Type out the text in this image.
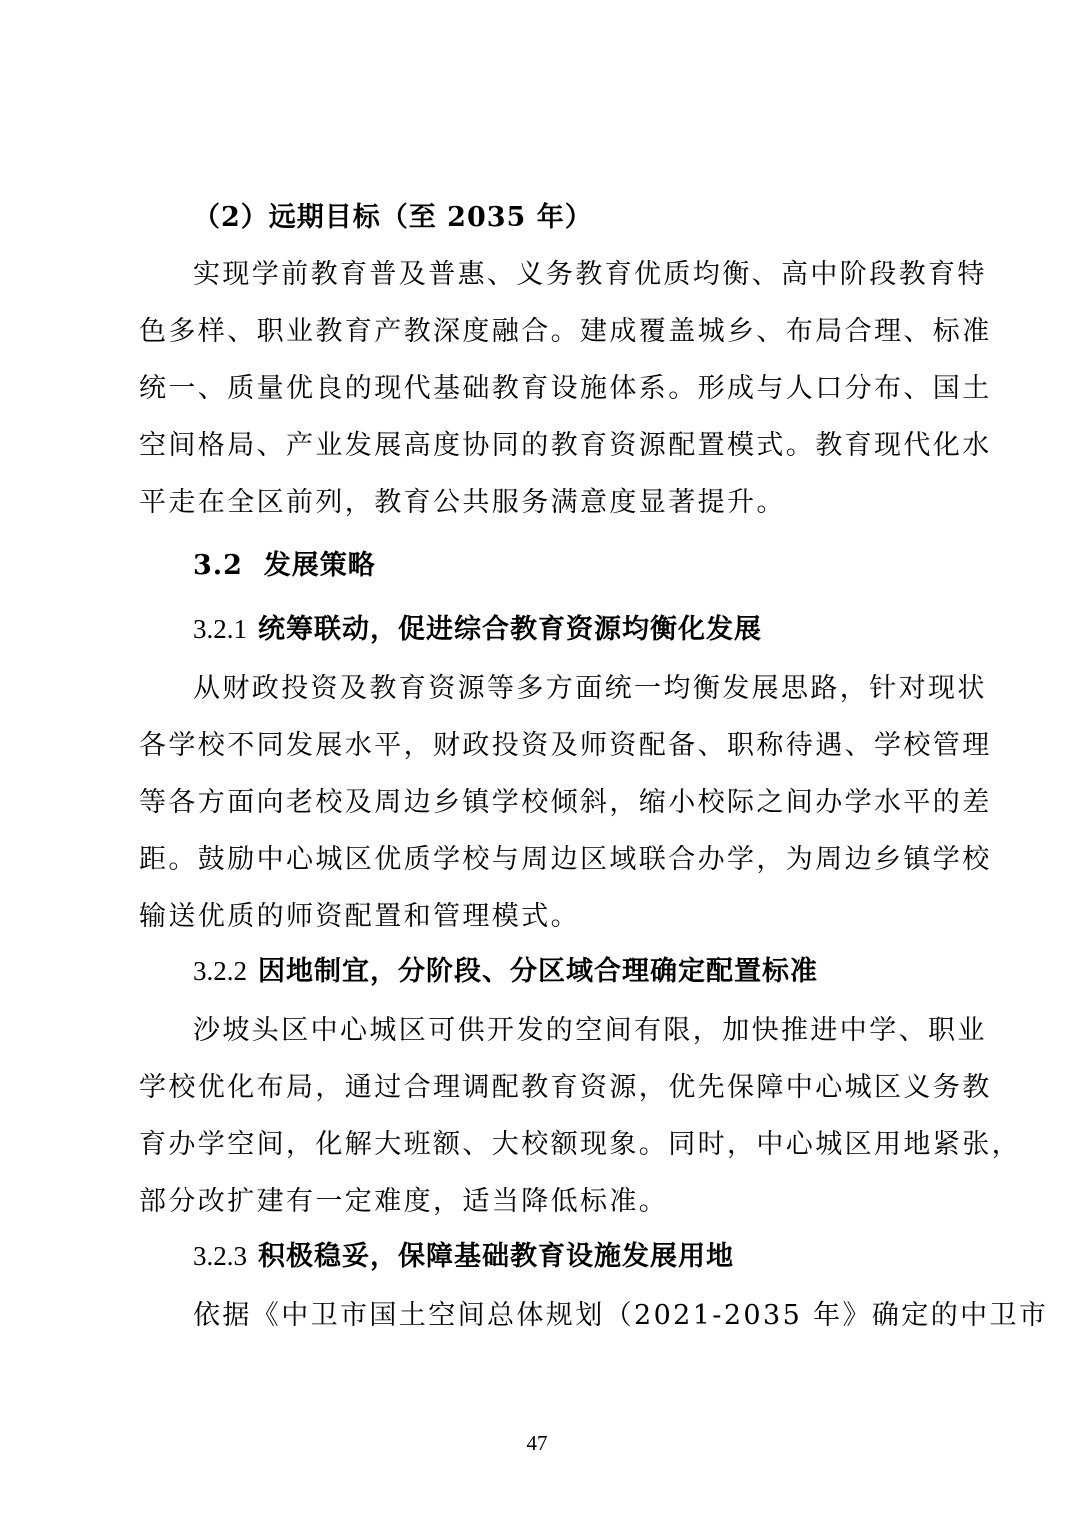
（2）远期目标（至 2035 年）
实现学前教育普及普惠、义务教育优质均衡、高中阶段教育特
色多样、职业教育产教深度融合。建成覆盖城乡、布局合理、标准
统一、质量优良的现代基础教育设施体系。形成与人口分布、国土
空间格局、产业发展高度协同的教育资源配置模式。教育现代化水
平走在全区前列，教育公共服务满意度显著提升。
3.2 发展策略
3.2.1 统筹联动，促进综合教育资源均衡化发展
从财政投资及教育资源等多方面统一均衡发展思路，针对现状
各学校不同发展水平，财政投资及师资配备、职称待遇、学校管理
等各方面向老校及周边乡镇学校倾斜，缩小校际之间办学水平的差
距。鼓励中心城区优质学校与周边区域联合办学，为周边乡镇学校
输送优质的师资配置和管理模式。
3.2.2 因地制宜，分阶段、分区域合理确定配置标准
沙坡头区中心城区可供开发的空间有限，加快推进中学、职业
学校优化布局，通过合理调配教育资源，优先保障中心城区义务教
育办学空间，化解大班额、大校额现象。同时，中心城区用地紧张，
部分改扩建有一定难度，适当降低标准。
3.2.3 积极稳妥，保障基础教育设施发展用地
依据《中卫市国土空间总体规划（2021-2035 年》确定的中卫市
47
